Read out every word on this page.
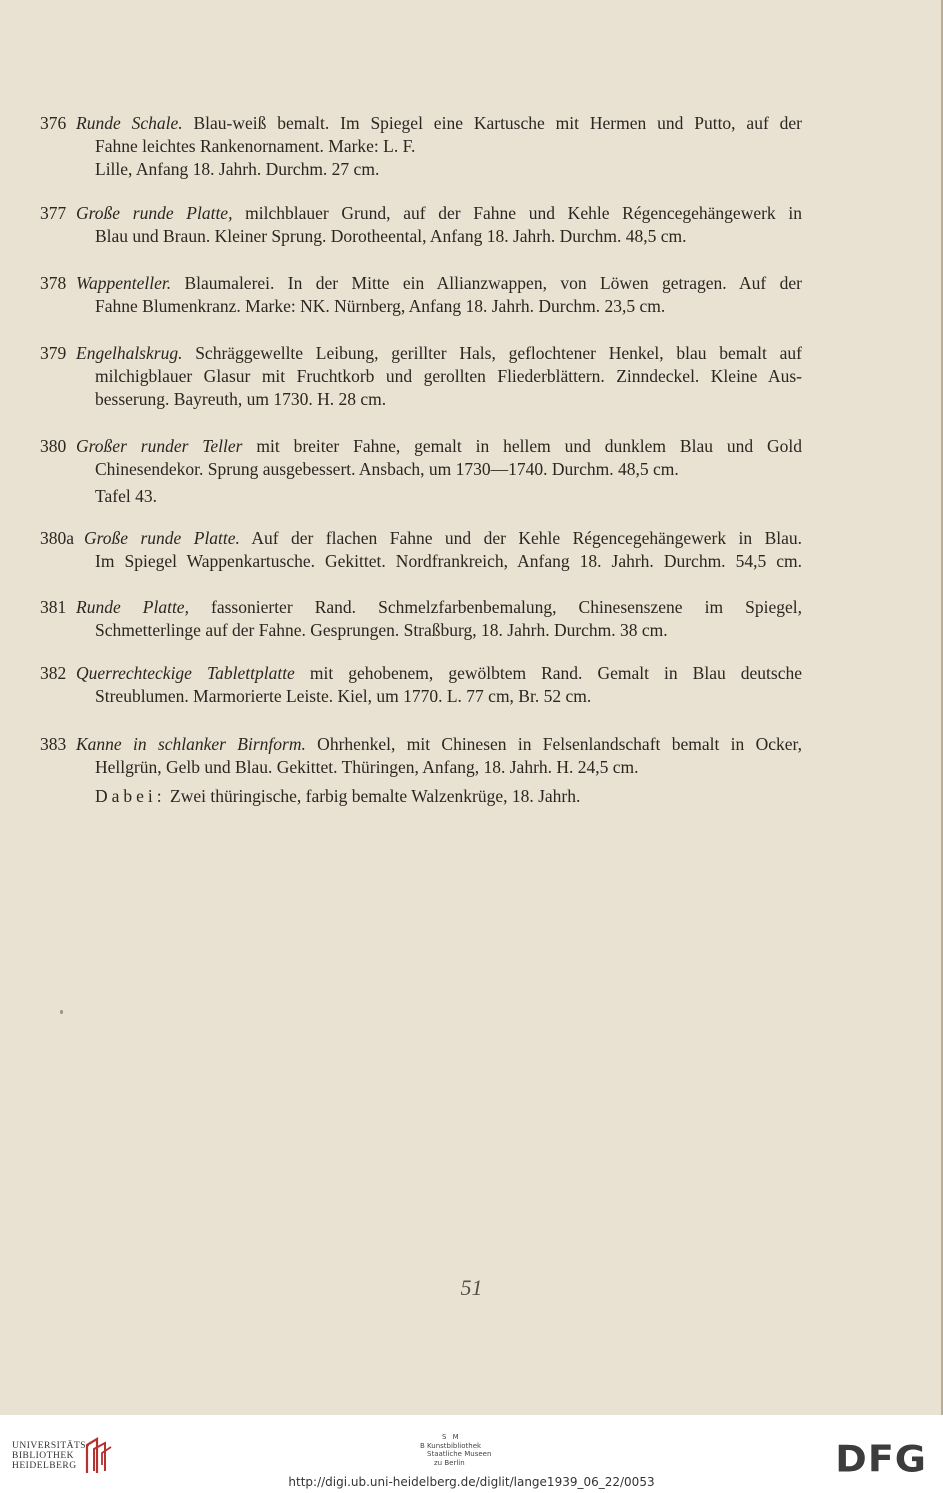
376 Runde Schale. Blau-weiß bemalt. Im Spiegel eine Kartusche mit Hermen und Putto, auf der
Fahne leichtes Rankenornament. Marke: L. F.
Lille, Anfang 18. Jahrh. Durchm. 27 cm.
377 Große runde Platte, milchblauer Grund, auf der Fahne und Kehle Régencegehängewerk in
Blau und Braun. Kleiner Sprung. Dorotheental, Anfang 18. Jahrh. Durchm. 48,5 cm.
378 Wappenteller. Blaumalerei. In der Mitte ein Allianzwappen, von Löwen getragen. Auf der
Fahne Blumenkranz. Marke: NK. Nürnberg, Anfang 18. Jahrh. Durchm. 23,5 cm.
379 Engelhalskrug. Schräggewellte Leibung, gerillter Hals, geflochtener Henkel, blau bemalt auf
milchigblauer Glasur mit Fruchtkorb und gerollten Fliederblättern. Zinndeckel. Kleine Aus-
besserung. Bayreuth, um 1730. H. 28 cm.
380 Großer runder Teller mit breiter Fahne, gemalt in hellem und dunklem Blau und Gold
Chinesendekor. Sprung ausgebessert. Ansbach, um 1730—1740. Durchm. 48,5 cm.
Tafel 43.
380a Große runde Platte. Auf der flachen Fahne und der Kehle Régencegehängewerk in Blau.
Im Spiegel Wappenkartusche. Gekittet. Nordfrankreich, Anfang 18. Jahrh. Durchm. 54,5 cm.
381 Runde Platte, fassonierter Rand. Schmelzfarbenbemalung, Chinesenszene im Spiegel,
Schmetterlinge auf der Fahne. Gesprungen. Straßburg, 18. Jahrh. Durchm. 38 cm.
382 Querrechteckige Tablettplatte mit gehobenem, gewölbtem Rand. Gemalt in Blau deutsche
Streublumen. Marmorierte Leiste. Kiel, um 1770. L. 77 cm, Br. 52 cm.
383 Kanne in schlanker Birnform. Ohrhenkel, mit Chinesen in Felsenlandschaft bemalt in Ocker,
Hellgrün, Gelb und Blau. Gekittet. Thüringen, Anfang, 18. Jahrh. H. 24,5 cm.
Dabei: Zwei thüringische, farbig bemalte Walzenkrüge, 18. Jahrh.
51
UNIVERSITÄTS-
BIBLIOTHEK
HEIDELBERG
S M
B Kunstbibliothek
Staatliche Museen
zu Berlin	DFG
http://digi.ub.uni-heidelberg.de/diglit/lange1939_06_22/0053
